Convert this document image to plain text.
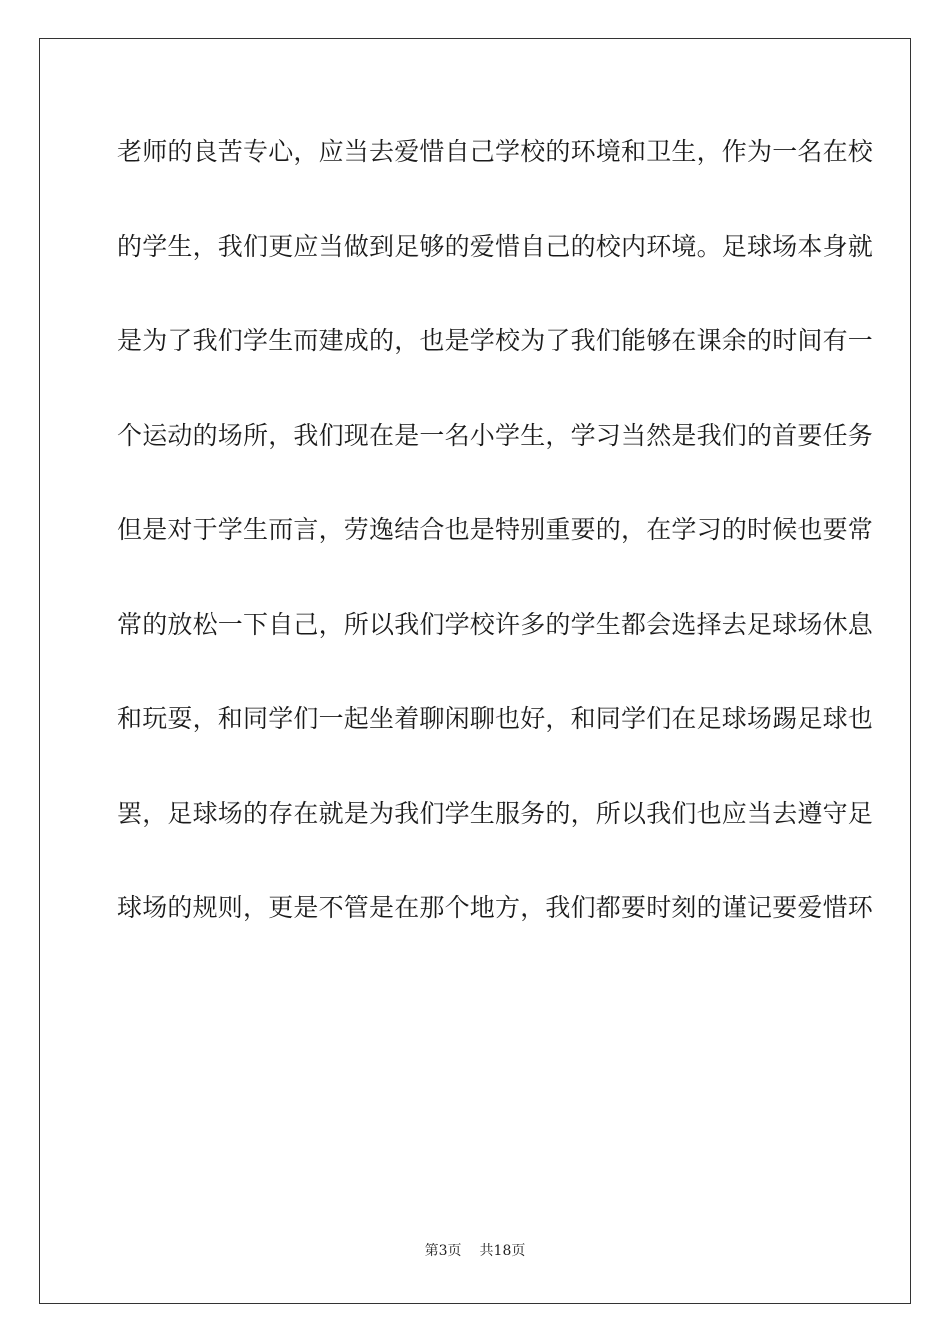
老师的良苦专心，应当去爱惜自己学校的环境和卫生，作为一名在校
的学生，我们更应当做到足够的爱惜自己的校内环境。足球场本身就
是为了我们学生而建成的，也是学校为了我们能够在课余的时间有一
个运动的场所，我们现在是一名小学生，学习当然是我们的首要任务
但是对于学生而言，劳逸结合也是特别重要的，在学习的时候也要常
常的放松一下自己，所以我们学校许多的学生都会选择去足球场休息
和玩耍，和同学们一起坐着聊闲聊也好，和同学们在足球场踢足球也
罢，足球场的存在就是为我们学生服务的，所以我们也应当去遵守足
球场的规则，更是不管是在那个地方，我们都要时刻的谨记要爱惜环
第3页 共18页
